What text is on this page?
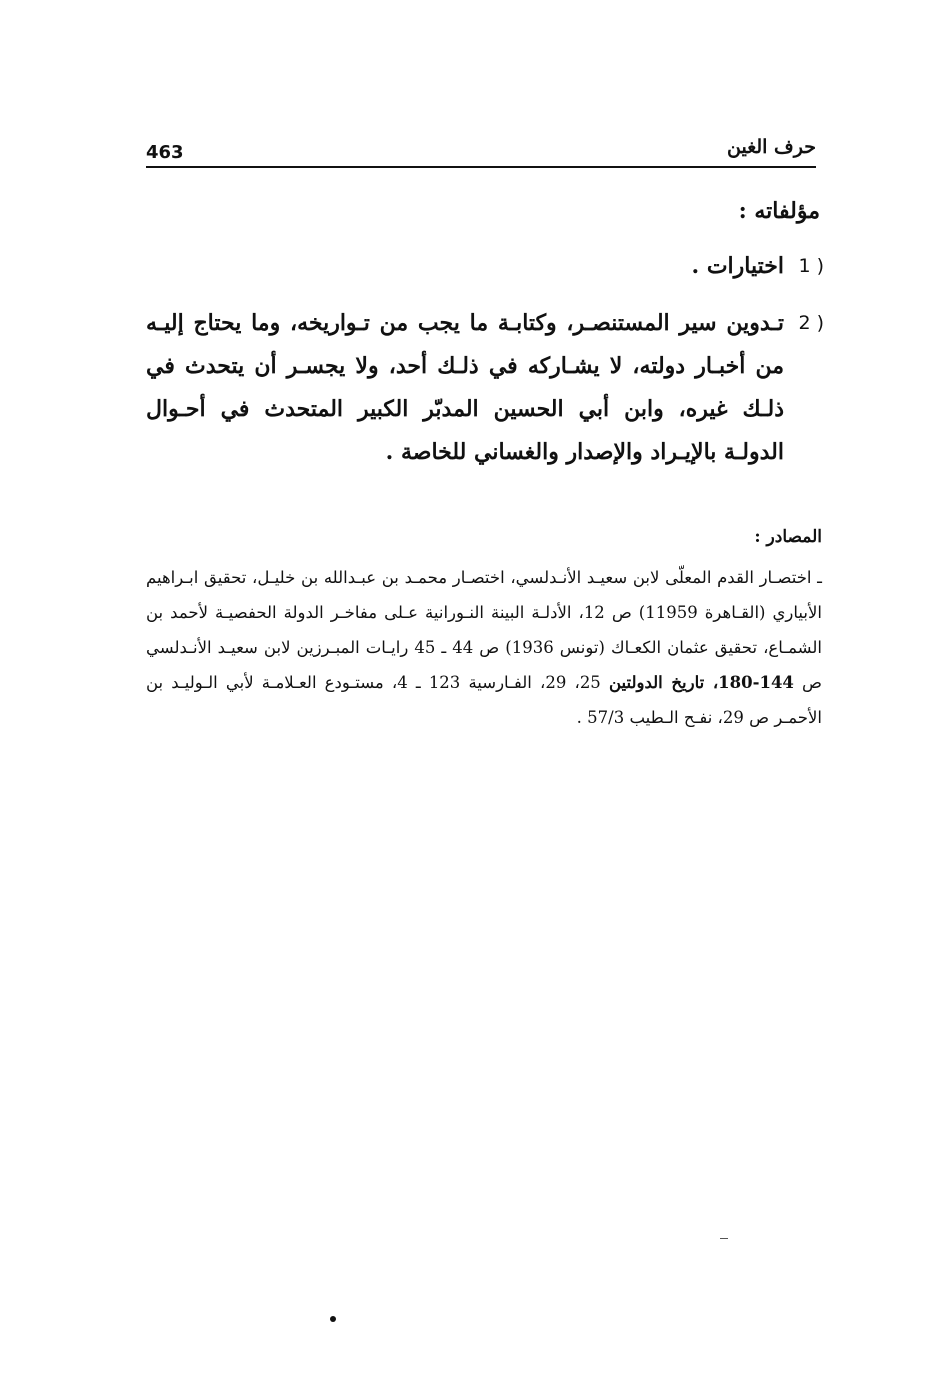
463	حرف الغين
مؤلفاته :
1 )
اختيارات .
2 )
تـدوين سير المستنصـر، وكتابـة ما يجب من تـواريخه، وما يحتاج إليـه من أخبـار دولته، لا يشـاركه في ذلـك أحد، ولا يجسـر أن يتحدث في ذلـك غيره، وابن أبي الحسين المدبّر الكبير المتحدث في أحـوال الدولـة بالإيـراد والإصدار والغساني للخاصة .
المصادر :
ـ اختصـار القدم المعلّى لابن سعيـد الأنـدلسي، اختصـار محمـد بن عبـدالله بن خليـل، تحقيق ابـراهيم الأبياري (القـاهرة 11959) ص 12، الأدلـة البينة النـورانية عـلى مفاخـر الدولة الحفصيـة لأحمد بن الشمـاع، تحقيق عثمان الكعـاك (تونس 1936) ص 44 ـ 45 رايـات المبـرزين لابن سعيـد الأنـدلسي ص 144-180، تاريخ الدولتين 25، 29، الفـارسية 123 ـ 4، مستـودع العـلامـة لأبي الـوليـد بن الأحمـر ص 29، نفـح الـطيب 57/3 .
